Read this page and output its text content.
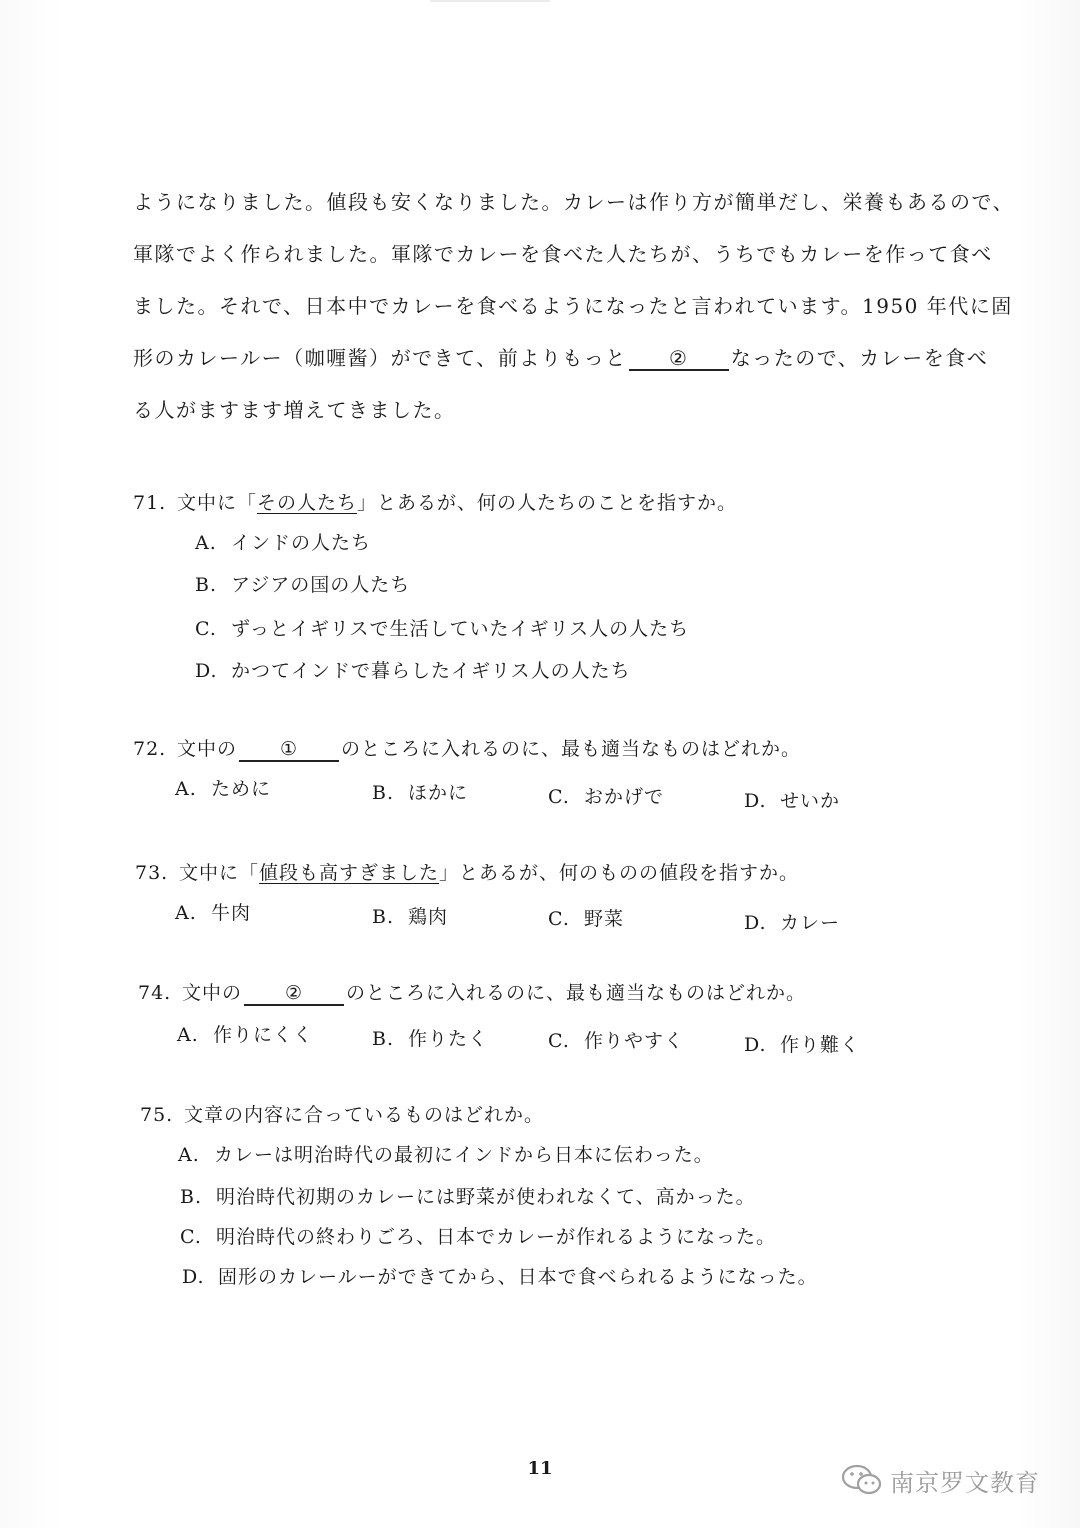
ようになりました。値段も安くなりました。カレーは作り方が簡単だし、栄養もあるので、

軍隊でよく作られました。軍隊でカレーを食べた人たちが、うちでもカレーを作って食べ

ました。それで、日本中でカレーを食べるようになったと言われています。1950 年代に固

形のカレールー（咖喱酱）ができて、前よりもっと ② なったので、カレーを食べ

る人がますます増えてきました。

71. 文中に「その人たち」とあるが、何の人たちのことを指すか。
A. インドの人たち
B. アジアの国の人たち
C. ずっとイギリスで生活していたイギリス人の人たち
D. かつてインドで暮らしたイギリス人の人たち
72. 文中の ① のところに入れるのに、最も適当なものはどれか。
A. ために	B. ほかに	C. おかげで	D. せいか
73. 文中に「値段も高すぎました」とあるが、何のものの値段を指すか。
A. 牛肉	B. 鶏肉	C. 野菜	D. カレー
74. 文中の ② のところに入れるのに、最も適当なものはどれか。
A. 作りにくく	B. 作りたく	C. 作りやすく	D. 作り難く
75. 文章の内容に合っているものはどれか。
A. カレーは明治時代の最初にインドから日本に伝わった。
B. 明治時代初期のカレーには野菜が使われなくて、高かった。
C. 明治時代の終わりごろ、日本でカレーが作れるようになった。
D. 固形のカレールーができてから、日本で食べられるようになった。
11	南京罗文教育
